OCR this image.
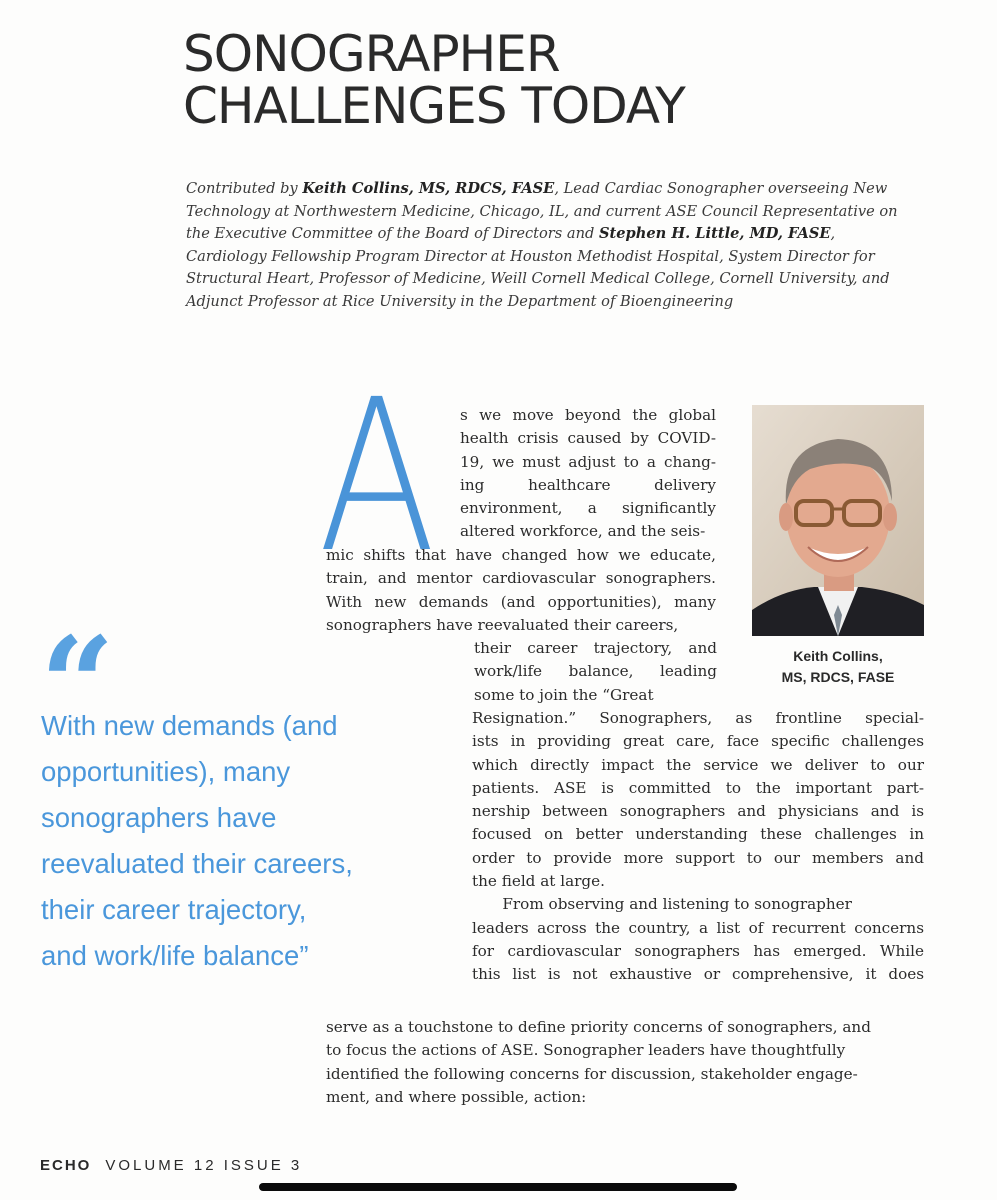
SONOGRAPHER
CHALLENGES TODAY
Contributed by Keith Collins, MS, RDCS, FASE, Lead Cardiac Sonographer overseeing New Technology at Northwestern Medicine, Chicago, IL, and current ASE Council Representative on the Executive Committee of the Board of Directors and Stephen H. Little, MD, FASE, Cardiology Fellowship Program Director at Houston Methodist Hospital, System Director for Structural Heart, Professor of Medicine, Weill Cornell Medical College, Cornell University, and Adjunct Professor at Rice University in the Department of Bioengineering
A s we move beyond the global
health crisis caused by COVID-
19, we must adjust to a chang-
ing healthcare delivery
environment, a significantly
altered workforce, and the seis-
mic shifts that have changed how we educate,
train, and mentor cardiovascular sonographers.
With new demands (and opportunities), many
sonographers have reevaluated their careers,
their career trajectory, and
work/life balance, leading
some to join the “Great
Resignation.” Sonographers, as frontline special-
ists in providing great care, face specific challenges
which directly impact the service we deliver to our
patients. ASE is committed to the important part-
nership between sonographers and physicians and is
focused on better understanding these challenges in
order to provide more support to our members and
the field at large.
  From observing and listening to sonographer
leaders across the country, a list of recurrent concerns
for cardiovascular sonographers has emerged. While
this list is not exhaustive or comprehensive, it does
serve as a touchstone to define priority concerns of sonographers, and
to focus the actions of ASE. Sonographer leaders have thoughtfully
identified the following concerns for discussion, stakeholder engage-
ment, and where possible, action:
Keith Collins,
MS, RDCS, FASE
“
With new demands (and
opportunities), many
sonographers have
reevaluated their careers,
their career trajectory,
and work/life balance”
ECHO VOLUME 12 ISSUE 3
